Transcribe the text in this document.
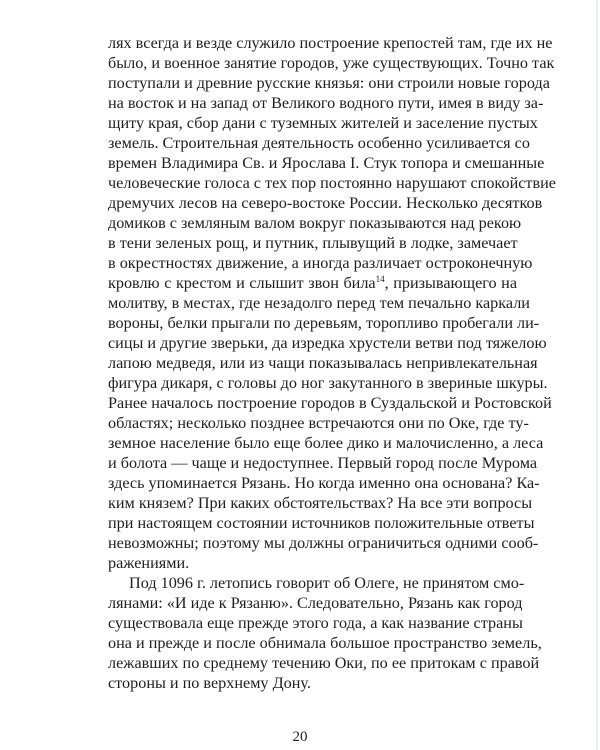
лях всегда и везде служило построение крепостей там, где их не
было, и военное занятие городов, уже существующих. Точно так
поступали и древние русские князья: они строили новые города
на восток и на запад от Великого водного пути, имея в виду за-
щиту края, сбор дани с туземных жителей и заселение пустых
земель. Строительная деятельность особенно усиливается со
времен Владимира Св. и Ярослава I. Стук топора и смешанные
человеческие голоса с тех пор постоянно нарушают спокойствие
дремучих лесов на северо-востоке России. Несколько десятков
домиков с земляным валом вокруг показываются над рекою
в тени зеленых рощ, и путник, плывущий в лодке, замечает
в окрестностях движение, а иногда различает остроконечную
кровлю с крестом и слышит звон била$^{14}$, призывающего на
молитву, в местах, где незадолго перед тем печально каркали
вороны, белки прыгали по деревьям, торопливо пробегали ли-
сицы и другие зверьки, да изредка хрустели ветви под тяжелою
лапою медведя, или из чащи показывалась непривлекательная
фигура дикаря, с головы до ног закутанного в звериные шкуры.
Ранее началось построение городов в Суздальской и Ростовской
областях; несколько позднее встречаются они по Оке, где ту-
земное население было еще более дико и малочисленно, а леса
и болота — чаще и недоступнее. Первый город после Мурома
здесь упоминается Рязань. Но когда именно она основана? Ка-
ким князем? При каких обстоятельствах? На все эти вопросы
при настоящем состоянии источников положительные ответы
невозможны; поэтому мы должны ограничиться одними сооб-
ражениями.
Под 1096 г. летопись говорит об Олеге, не принятом смо-
лянами: «И иде к Рязаню». Следовательно, Рязань как город
существовала еще прежде этого года, а как название страны
она и прежде и после обнимала большое пространство земель,
лежавших по среднему течению Оки, по ее притокам с правой
стороны и по верхнему Дону.
20
